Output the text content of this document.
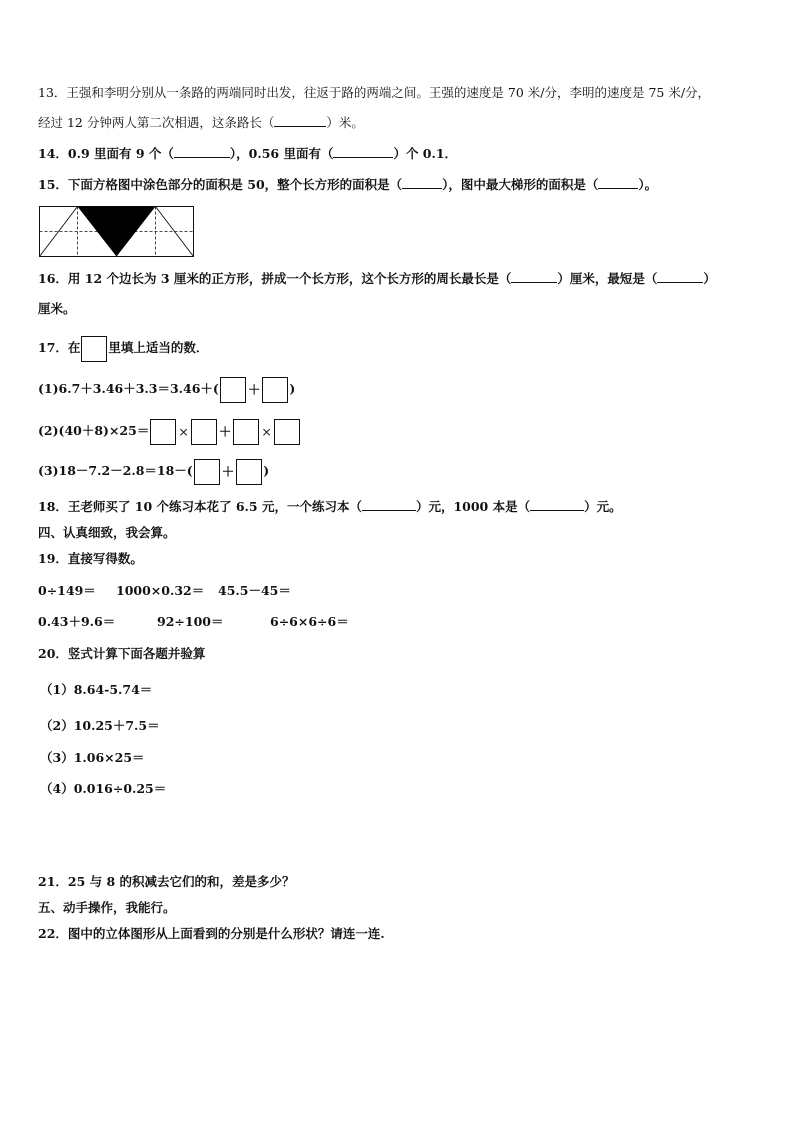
13．王强和李明分别从一条路的两端同时出发，往返于路的两端之间。王强的速度是 70 米/分，李明的速度是 75 米/分，
经过 12 分钟两人第二次相遇，这条路长（	）米。
14．0.9 里面有 9 个（	），0.56 里面有（	）个 0.1．
15．下面方格图中涂色部分的面积是 50，整个长方形的面积是（	），图中最大梯形的面积是（	）。
16．用 12 个边长为 3 厘米的正方形，拼成一个长方形，这个长方形的周长最长是（	）厘米，最短是（	）
厘米。
17．在 里填上适当的数．
(1)6.7＋3.46＋3.3＝3.46＋( ＋ )
(2)(40＋8)×25＝ × ＋ ×
(3)18－7.2－2.8＝18－( ＋ )
18．王老师买了 10 个练习本花了 6.5 元，一个练习本（	）元，1000 本是（	）元。
四、认真细致，我会算。
19．直接写得数。
0÷149＝ 1000×0.32＝ 45.5－45＝
0.43＋9.6＝	92÷100＝	6÷6×6÷6＝
20．竖式计算下面各题并验算
（1）8.64-5.74＝
（2）10.25＋7.5＝
（3）1.06×25＝
（4）0.016÷0.25＝
21．25 与 8 的积减去它们的和，差是多少？
五、动手操作，我能行。
22．图中的立体图形从上面看到的分别是什么形状？请连一连.
